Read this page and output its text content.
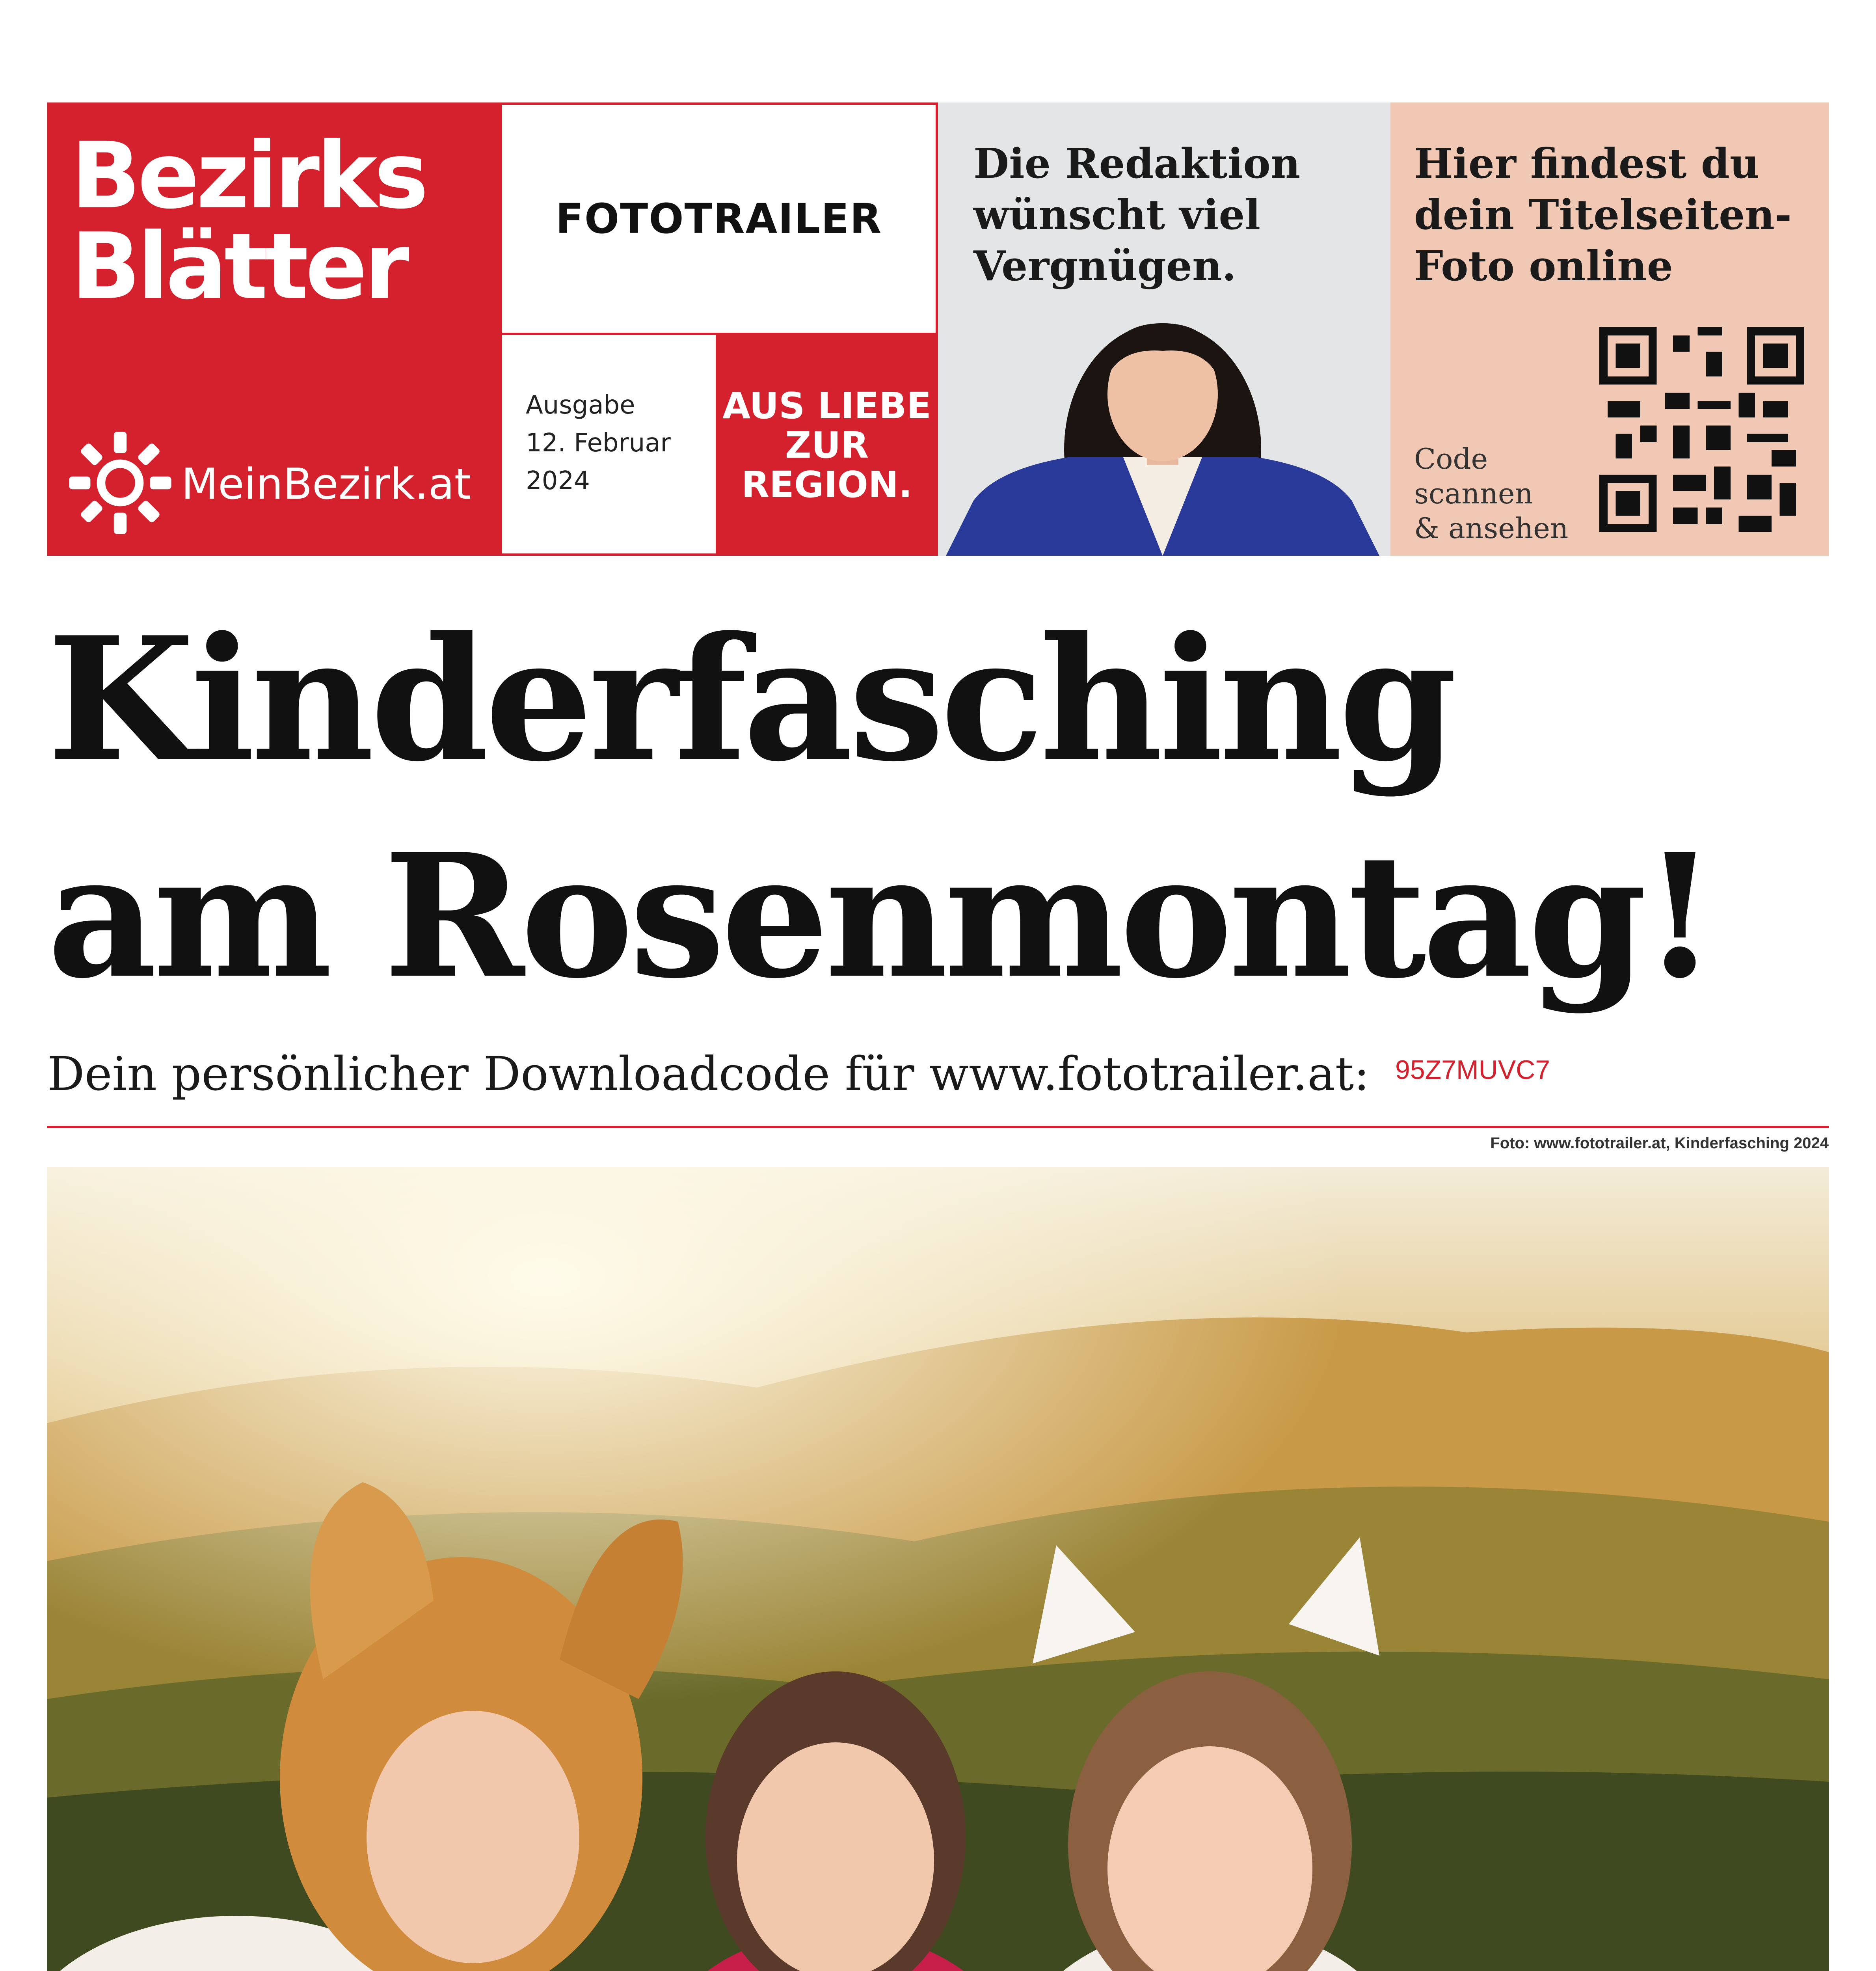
Bezirks
Blätter
MeinBezirk.at
FOTOTRAILER
Ausgabe
12. Februar
2024
AUS LIEBE
ZUR
REGION.
Die Redaktion
wünscht viel
Vergnügen.
Hier findest du
dein Titelseiten-
Foto online
Code
scannen
& ansehen
Kinderfasching
am Rosenmontag!
Dein persönlicher Downloadcode für www.fototrailer.at: 95Z7MUVC7
Foto: www.fototrailer.at, Kinderfasching 2024
